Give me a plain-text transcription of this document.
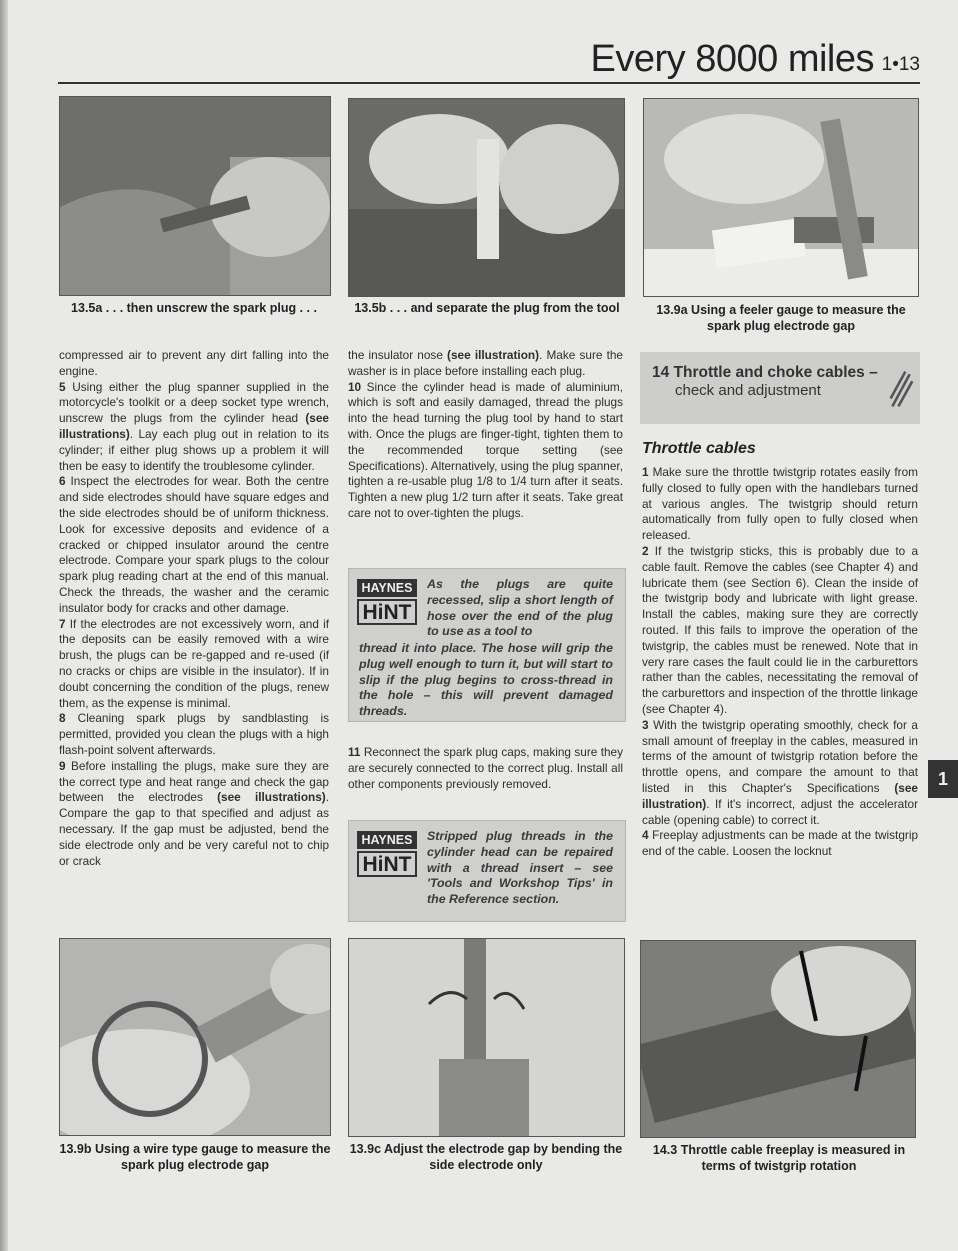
Every 8000 miles 1•13
13.5a . . . then unscrew the spark plug . . .	13.5b . . . and separate the plug from the tool	13.9a Using a feeler gauge to measure the spark plug electrode gap

compressed air to prevent any dirt falling into the engine.

5 Using either the plug spanner supplied in the motorcycle's toolkit or a deep socket type wrench, unscrew the plugs from the cylinder head (see illustrations). Lay each plug out in relation to its cylinder; if either plug shows up a problem it will then be easy to identify the troublesome cylinder.

6 Inspect the electrodes for wear. Both the centre and side electrodes should have square edges and the side electrodes should be of uniform thickness. Look for excessive deposits and evidence of a cracked or chipped insulator around the centre electrode. Compare your spark plugs to the colour spark plug reading chart at the end of this manual. Check the threads, the washer and the ceramic insulator body for cracks and other damage.

7 If the electrodes are not excessively worn, and if the deposits can be easily removed with a wire brush, the plugs can be re-gapped and re-used (if no cracks or chips are visible in the insulator). If in doubt concerning the condition of the plugs, renew them, as the expense is minimal.

8 Cleaning spark plugs by sandblasting is permitted, provided you clean the plugs with a high flash-point solvent afterwards.

9 Before installing the plugs, make sure they are the correct type and heat range and check the gap between the electrodes (see illustrations). Compare the gap to that specified and adjust as necessary. If the gap must be adjusted, bend the side electrode only and be very careful not to chip or crack

the insulator nose (see illustration). Make sure the washer is in place before installing each plug.

10 Since the cylinder head is made of aluminium, which is soft and easily damaged, thread the plugs into the head turning the plug tool by hand to start with. Once the plugs are finger-tight, tighten them to the recommended torque setting (see Specifications). Alternatively, using the plug spanner, tighten a re-usable plug 1/8 to 1/4 turn after it seats. Tighten a new plug 1/2 turn after it seats. Take great care not to over-tighten the plugs.

HAYNES
HiNT
As the plugs are quite recessed, slip a short length of hose over the end of the plug to use as a tool to
thread it into place. The hose will grip the plug well enough to turn it, but will start to slip if the plug begins to cross-thread in the hole – this will prevent damaged threads.

11 Reconnect the spark plug caps, making sure they are securely connected to the correct plug. Install all other components previously removed.

HAYNES
HiNT
Stripped plug threads in the cylinder head can be repaired with a thread insert – see 'Tools and Workshop Tips' in the Reference section.
14 Throttle and choke cables –
check and adjustment
Throttle cables

1 Make sure the throttle twistgrip rotates easily from fully closed to fully open with the handlebars turned at various angles. The twistgrip should return automatically from fully open to fully closed when released.

2 If the twistgrip sticks, this is probably due to a cable fault. Remove the cables (see Chapter 4) and lubricate them (see Section 6). Clean the inside of the twistgrip body and lubricate with light grease. Install the cables, making sure they are correctly routed. If this fails to improve the operation of the twistgrip, the cables must be renewed. Note that in very rare cases the fault could lie in the carburettors rather than the cables, necessitating the removal of the carburettors and inspection of the throttle linkage (see Chapter 4).

3 With the twistgrip operating smoothly, check for a small amount of freeplay in the cables, measured in terms of the amount of twistgrip rotation before the throttle opens, and compare the amount to that listed in this Chapter's Specifications (see illustration). If it's incorrect, adjust the accelerator cable (opening cable) to correct it.

4 Freeplay adjustments can be made at the twistgrip end of the cable. Loosen the locknut

1
13.9b Using a wire type gauge to measure the spark plug electrode gap
13.9c Adjust the electrode gap by bending the side electrode only
14.3 Throttle cable freeplay is measured in terms of twistgrip rotation
